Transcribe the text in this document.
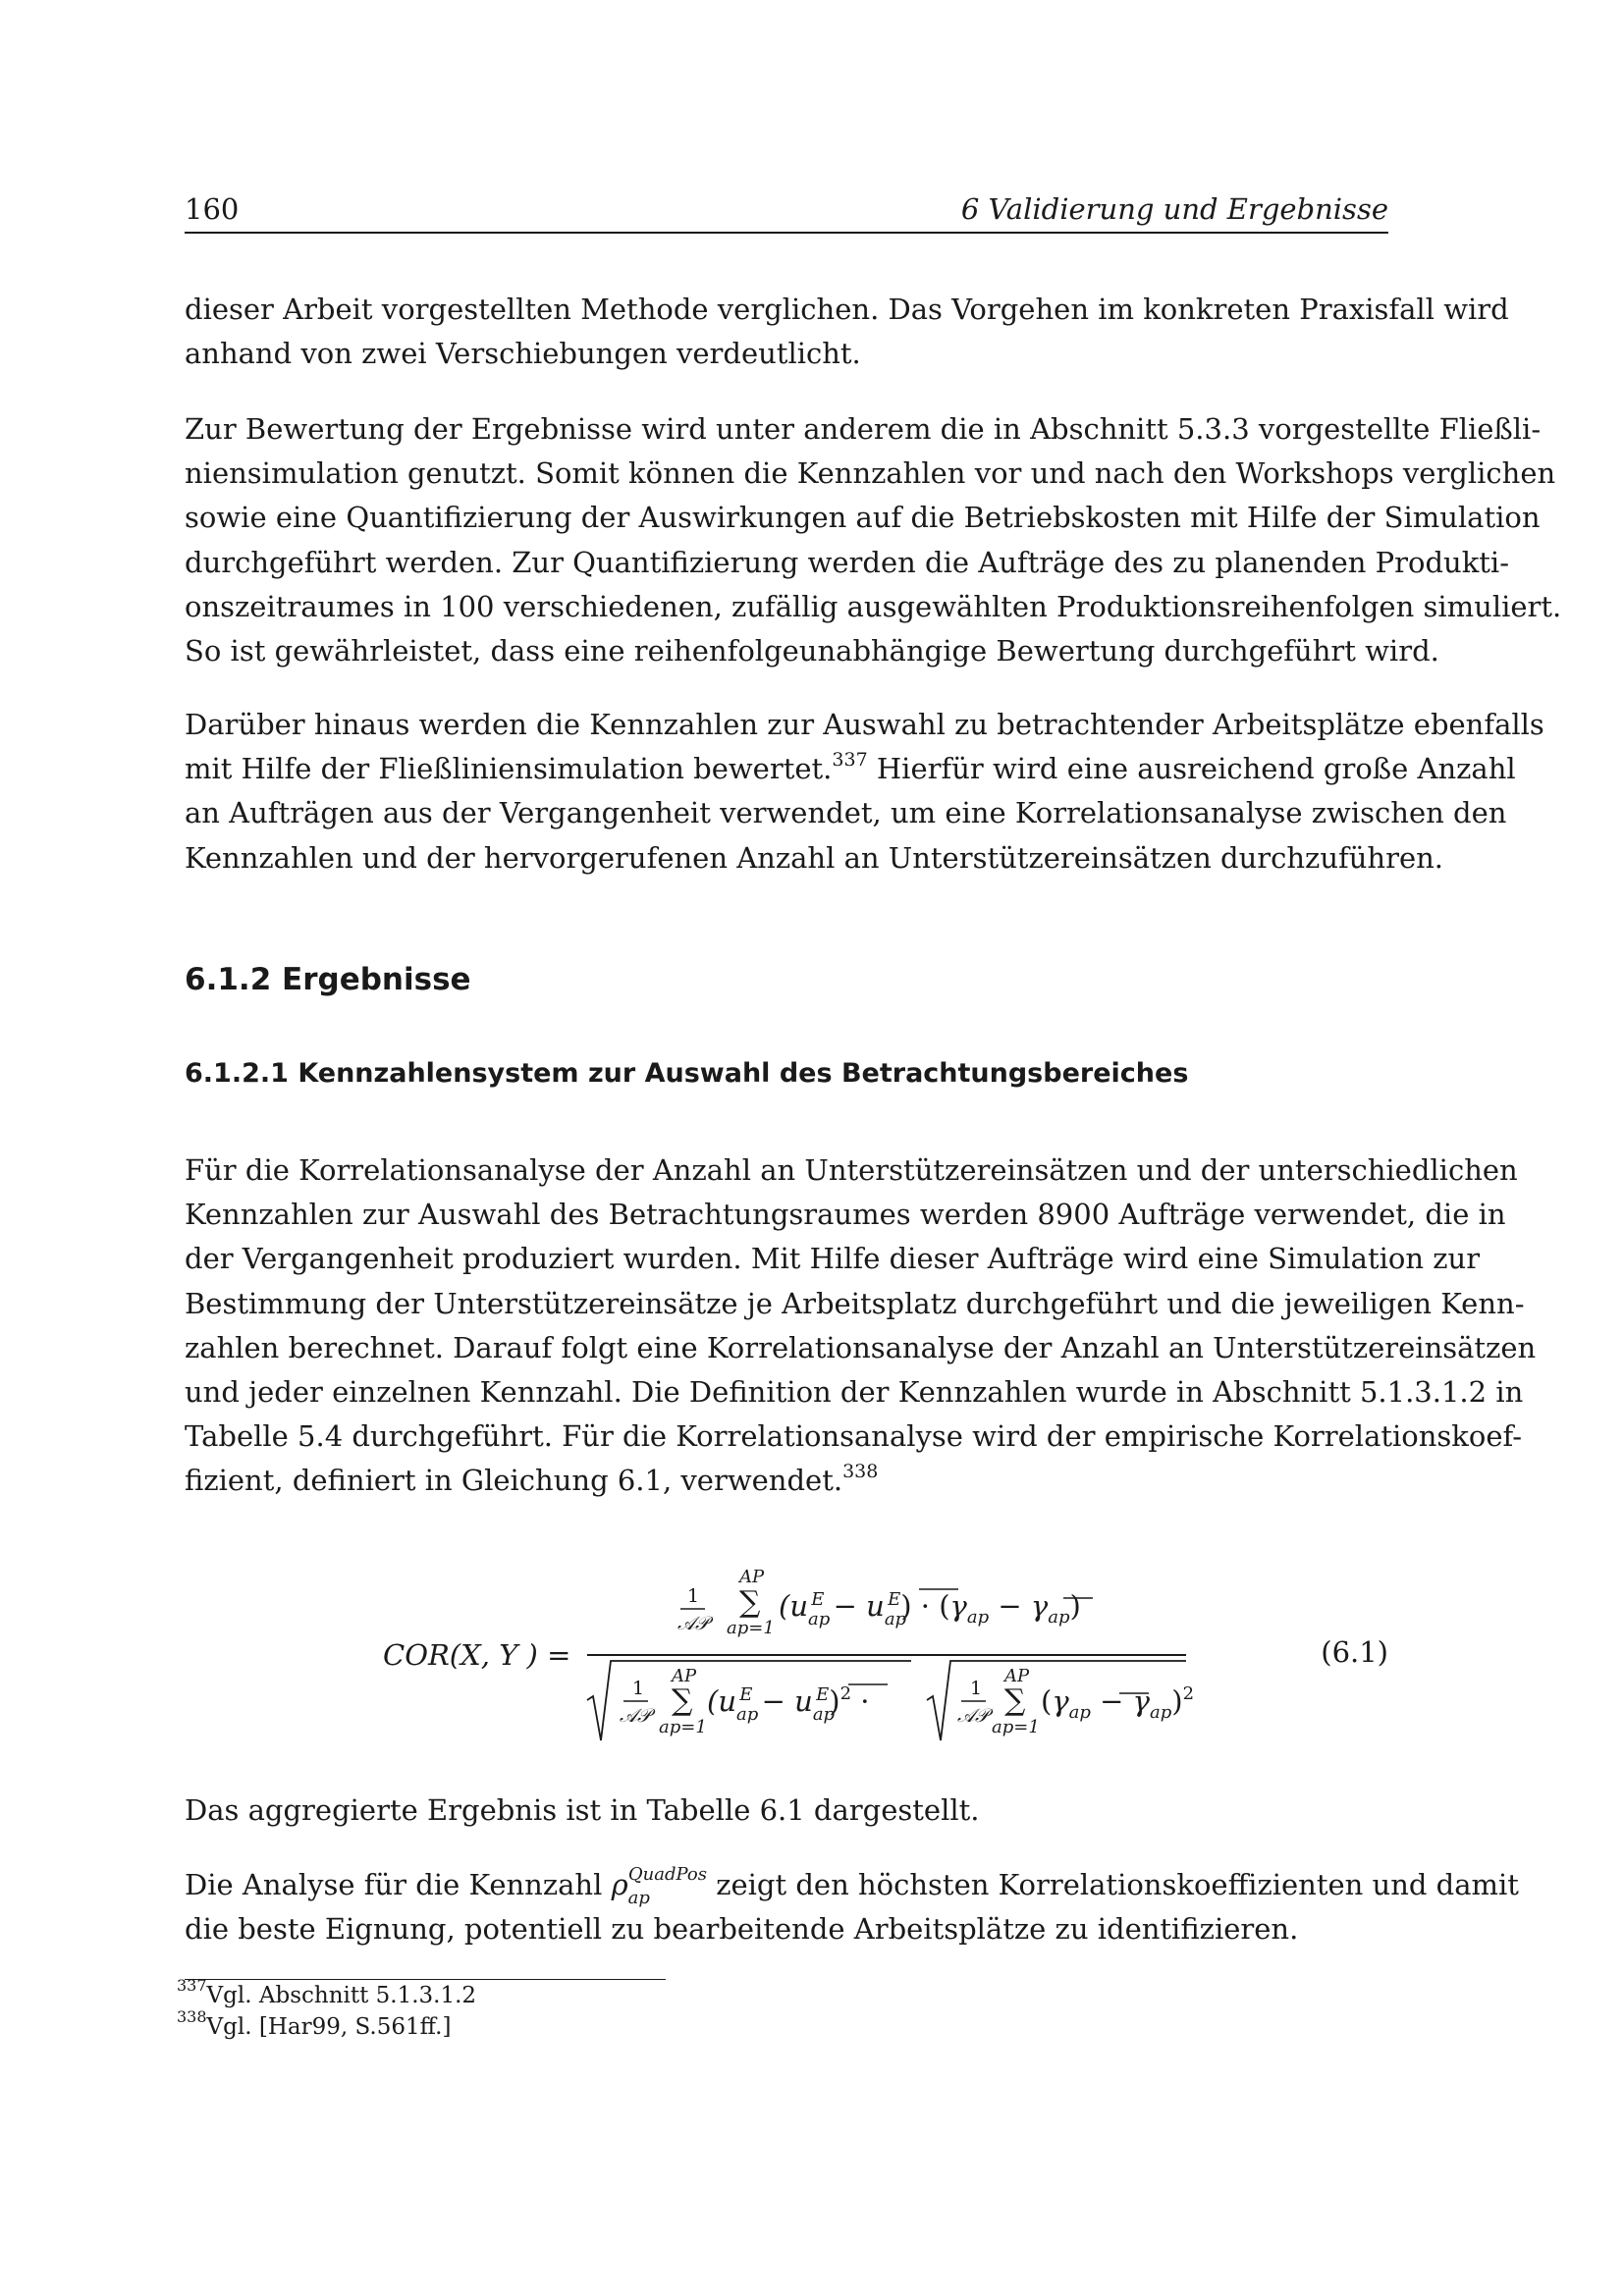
160	6 Validierung und Ergebnisse
dieser Arbeit vorgestellten Methode verglichen. Das Vorgehen im konkreten Praxisfall wird
anhand von zwei Verschiebungen verdeutlicht.
Zur Bewertung der Ergebnisse wird unter anderem die in Abschnitt 5.3.3 vorgestellte Fließli-
niensimulation genutzt. Somit können die Kennzahlen vor und nach den Workshops verglichen
sowie eine Quantifizierung der Auswirkungen auf die Betriebskosten mit Hilfe der Simulation
durchgeführt werden. Zur Quantifizierung werden die Aufträge des zu planenden Produkti-
onszeitraumes in 100 verschiedenen, zufällig ausgewählten Produktionsreihenfolgen simuliert.
So ist gewährleistet, dass eine reihenfolgeunabhängige Bewertung durchgeführt wird.
Darüber hinaus werden die Kennzahlen zur Auswahl zu betrachtender Arbeitsplätze ebenfalls
mit Hilfe der Fließliniensimulation bewertet.$^{337}$ Hierfür wird eine ausreichend große Anzahl
an Aufträgen aus der Vergangenheit verwendet, um eine Korrelationsanalyse zwischen den
Kennzahlen und der hervorgerufenen Anzahl an Unterstützereinsätzen durchzuführen.
6.1.2 Ergebnisse
6.1.2.1 Kennzahlensystem zur Auswahl des Betrachtungsbereiches
Für die Korrelationsanalyse der Anzahl an Unterstützereinsätzen und der unterschiedlichen
Kennzahlen zur Auswahl des Betrachtungsraumes werden 8900 Aufträge verwendet, die in
der Vergangenheit produziert wurden. Mit Hilfe dieser Aufträge wird eine Simulation zur
Bestimmung der Unterstützereinsätze je Arbeitsplatz durchgeführt und die jeweiligen Kenn-
zahlen berechnet. Darauf folgt eine Korrelationsanalyse der Anzahl an Unterstützereinsätzen
und jeder einzelnen Kennzahl. Die Definition der Kennzahlen wurde in Abschnitt 5.1.3.1.2 in
Tabelle 5.4 durchgeführt. Für die Korrelationsanalyse wird der empirische Korrelationskoef-
fizient, definiert in Gleichung 6.1, verwendet.$^{338}$
COR(X, Y ) =
1
𝒜𝒫
AP
∑
ap=1
$(u_{ap}E - u_{ap}E) \cdot (\gamma_{ap} - \gamma_{ap})$
1
𝒜𝒫
AP
∑
ap=1
$(u_{ap}E - u_{ap}E)^2$ ·	1
𝒜𝒫
AP
∑
ap=1
$(\gamma_{ap} - \gamma_{ap})^2$
(6.1)
Das aggregierte Ergebnis ist in Tabelle 6.1 dargestellt.
Die Analyse für die Kennzahl $\rho_{ap}^{QuadPos}$ zeigt den höchsten Korrelationskoeffizienten und damit
die beste Eignung, potentiell zu bearbeitende Arbeitsplätze zu identifizieren.

$^{337}$Vgl. Abschnitt 5.1.3.1.2

$^{338}$Vgl. [Har99, S.561ff.]
